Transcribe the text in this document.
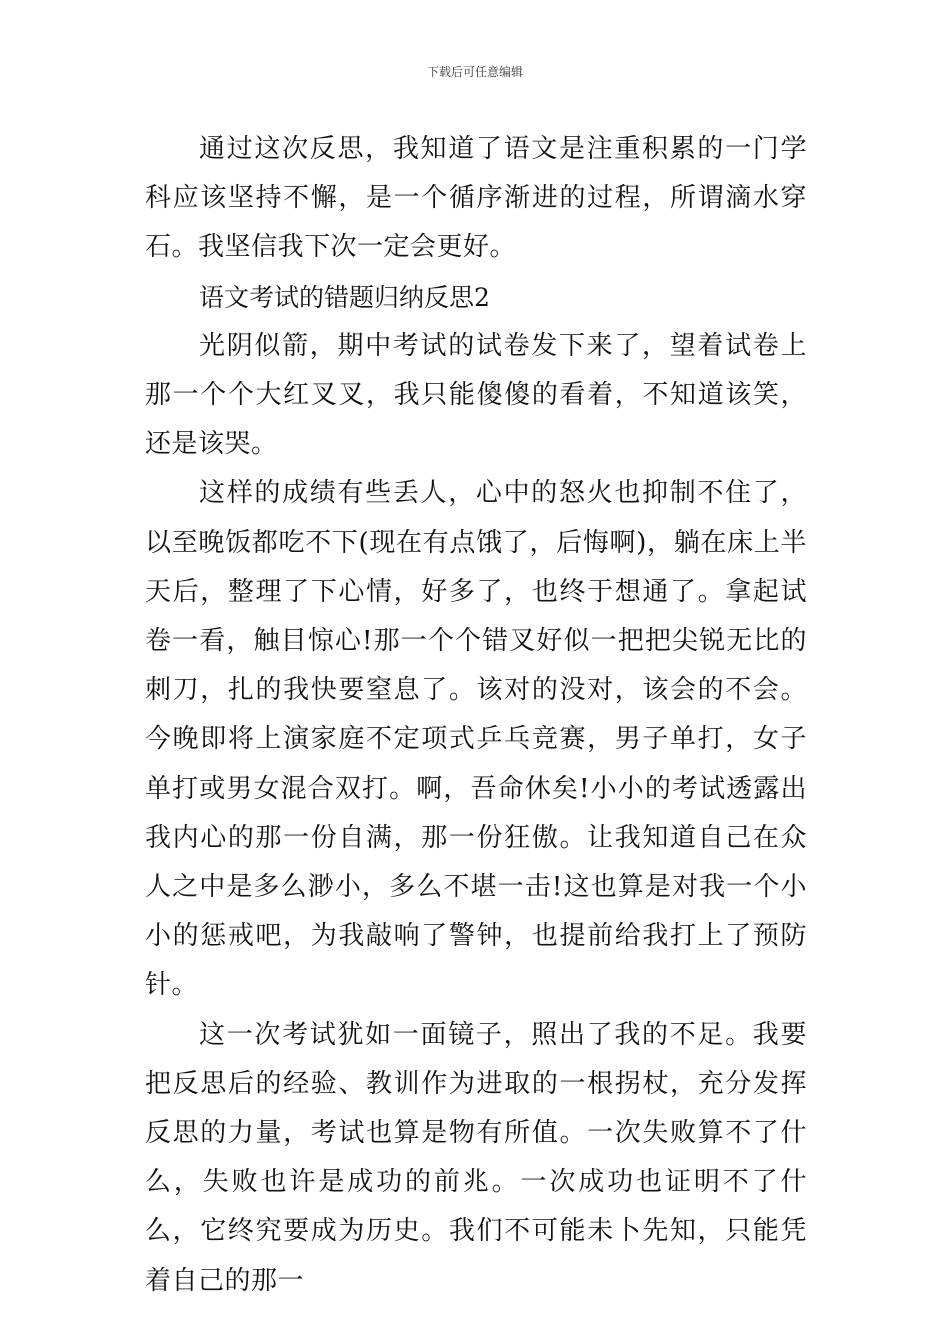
下载后可任意编辑

通过这次反思，我知道了语文是注重积累的一门学科应该坚持不懈，是一个循序渐进的过程，所谓滴水穿石。我坚信我下次一定会更好。

语文考试的错题归纳反思2

光阴似箭，期中考试的试卷发下来了，望着试卷上那一个个大红叉叉，我只能傻傻的看着，不知道该笑，还是该哭。

这样的成绩有些丢人，心中的怒火也抑制不住了，以至晚饭都吃不下(现在有点饿了，后悔啊)，躺在床上半天后，整理了下心情，好多了，也终于想通了。拿起试卷一看，触目惊心!那一个个错叉好似一把把尖锐无比的刺刀，扎的我快要窒息了。该对的没对，该会的不会。今晚即将上演家庭不定项式乒乓竞赛，男子单打，女子单打或男女混合双打。啊，吾命休矣!小小的考试透露出我内心的那一份自满，那一份狂傲。让我知道自己在众人之中是多么渺小，多么不堪一击!这也算是对我一个小小的惩戒吧，为我敲响了警钟，也提前给我打上了预防针。

这一次考试犹如一面镜子，照出了我的不足。我要把反思后的经验、教训作为进取的一根拐杖，充分发挥反思的力量，考试也算是物有所值。一次失败算不了什么，失败也许是成功的前兆。一次成功也证明不了什么，它终究要成为历史。我们不可能未卜先知，只能凭着自己的那一
